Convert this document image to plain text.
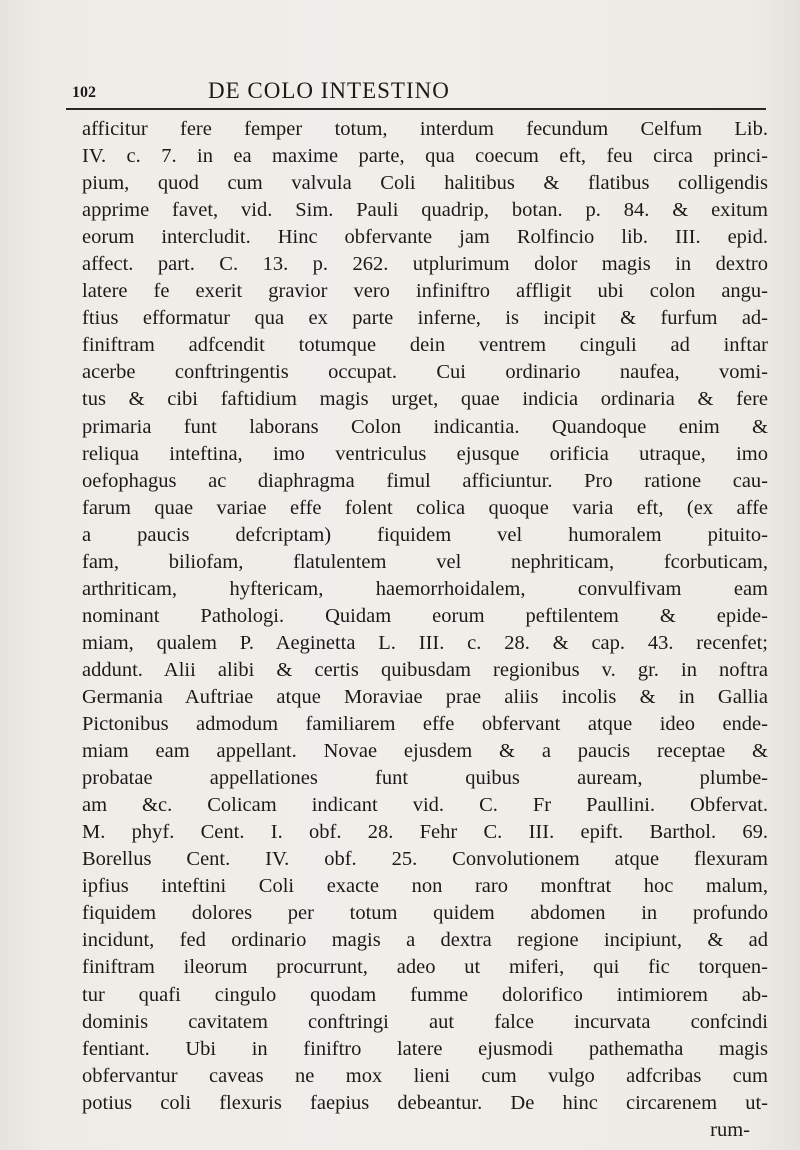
102	DE COLO INTESTINO
afficitur fere femper totum, interdum fecundum Celfum Lib.
IV. c. 7. in ea maxime parte, qua coecum eft, feu circa princi-
pium, quod cum valvula Coli halitibus & flatibus colligendis
apprime favet, vid. Sim. Pauli quadrip, botan. p. 84. & exitum
eorum intercludit. Hinc obfervante jam Rolfincio lib. III. epid.
affect. part. C. 13. p. 262. utplurimum dolor magis in dextro
latere fe exerit gravior vero infiniftro affligit ubi colon angu-
ftius efformatur qua ex parte inferne, is incipit & furfum ad-
finiftram adfcendit totumque dein ventrem cinguli ad inftar
acerbe conftringentis occupat. Cui ordinario naufea, vomi-
tus & cibi faftidium magis urget, quae indicia ordinaria & fere
primaria funt laborans Colon indicantia. Quandoque enim &
reliqua inteftina, imo ventriculus ejusque orificia utraque, imo
oefophagus ac diaphragma fimul afficiuntur. Pro ratione cau-
farum quae variae effe folent colica quoque varia eft, (ex affe
a paucis defcriptam) fiquidem vel humoralem pituito-
fam, biliofam, flatulentem vel nephriticam, fcorbuticam,
arthriticam, hyftericam, haemorrhoidalem, convulfivam eam
nominant Pathologi. Quidam eorum peftilentem & epide-
miam, qualem P. Aeginetta L. III. c. 28. & cap. 43. recenfet;
addunt. Alii alibi & certis quibusdam regionibus v. gr. in noftra
Germania Auftriae atque Moraviae prae aliis incolis & in Gallia
Pictonibus admodum familiarem effe obfervant atque ideo ende-
miam eam appellant. Novae ejusdem & a paucis receptae &
probatae appellationes funt quibus auream, plumbe-
am &c. Colicam indicant vid. C. Fr Paullini. Obfervat.
M. phyf. Cent. I. obf. 28. Fehr C. III. epift. Barthol. 69.
Borellus Cent. IV. obf. 25. Convolutionem atque flexuram
ipfius inteftini Coli exacte non raro monftrat hoc malum,
fiquidem dolores per totum quidem abdomen in profundo
incidunt, fed ordinario magis a dextra regione incipiunt, & ad
finiftram ileorum procurrunt, adeo ut miferi, qui fic torquen-
tur quafi cingulo quodam fumme dolorifico intimiorem ab-
dominis cavitatem conftringi aut falce incurvata confcindi
fentiant. Ubi in finiftro latere ejusmodi pathematha magis
obfervantur caveas ne mox lieni cum vulgo adfcribas cum
potius coli flexuris faepius debeantur. De hinc circarenem ut-
rum-
